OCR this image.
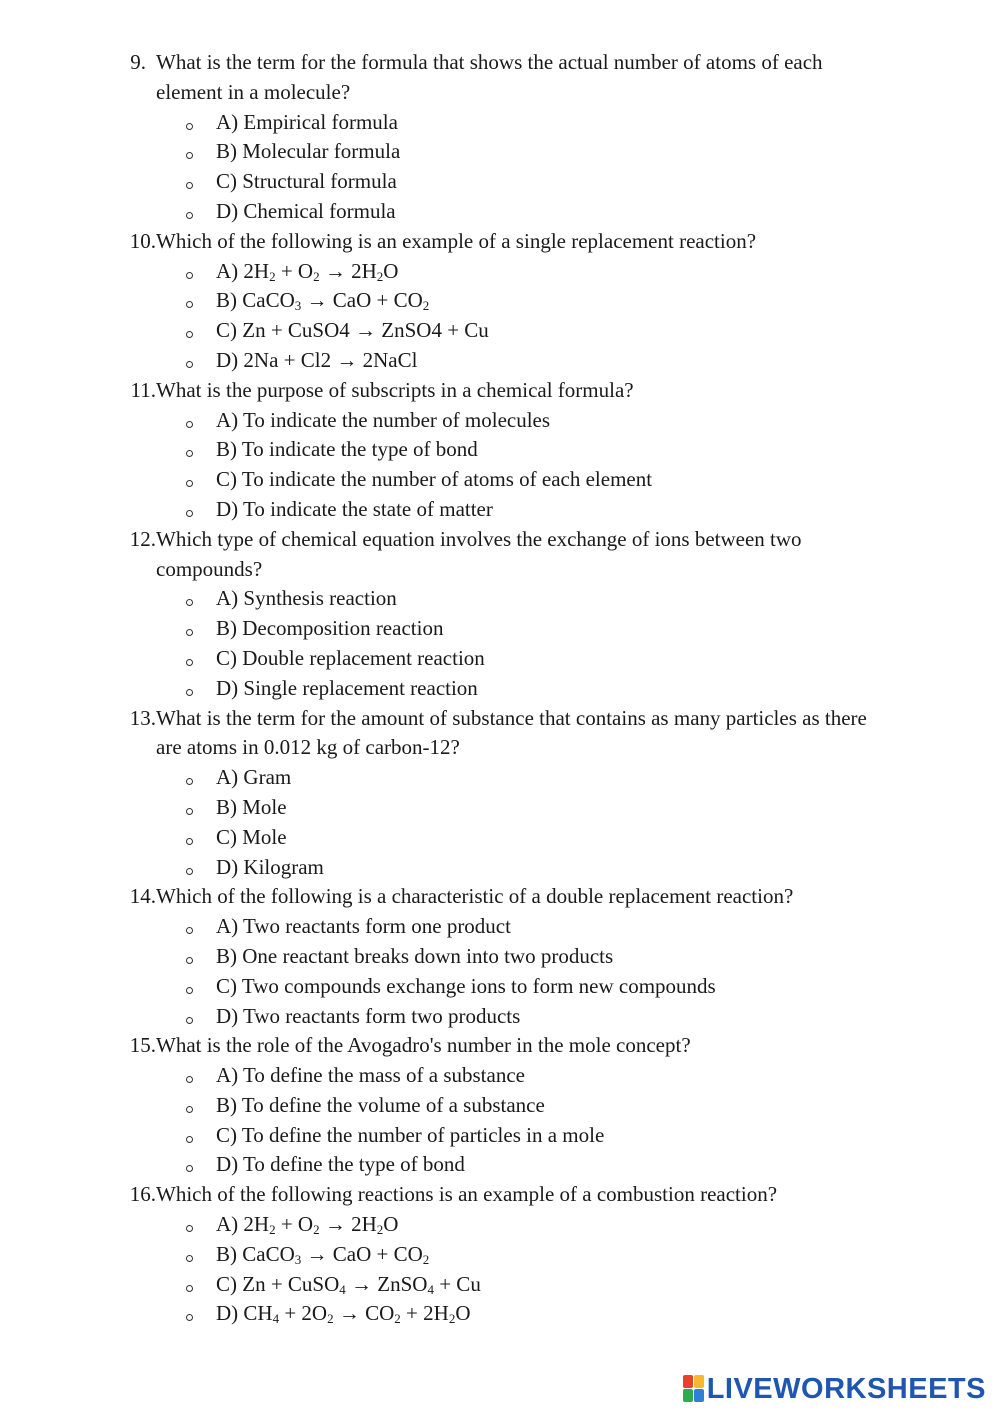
9. What is the term for the formula that shows the actual number of atoms of each
element in a molecule?
A) Empirical formula
B) Molecular formula
C) Structural formula
D) Chemical formula
10. Which of the following is an example of a single replacement reaction?
A) $2H_2 + O_2 \to 2H_2O$
B) CaCO$_3$ → CaO + $CO_2$
C) Zn + CuSO4 → ZnSO4 + Cu
D) 2Na + Cl2 → 2NaCl
11. What is the purpose of subscripts in a chemical formula?
A) To indicate the number of molecules
B) To indicate the type of bond
C) To indicate the number of atoms of each element
D) To indicate the state of matter
12. Which type of chemical equation involves the exchange of ions between two
compounds?
A) Synthesis reaction
B) Decomposition reaction
C) Double replacement reaction
D) Single replacement reaction
13. What is the term for the amount of substance that contains as many particles as there
are atoms in 0.012 kg of carbon-12?
A) Gram
B) Mole
C) Mole
D) Kilogram
14. Which of the following is a characteristic of a double replacement reaction?
A) Two reactants form one product
B) One reactant breaks down into two products
C) Two compounds exchange ions to form new compounds
D) Two reactants form two products
15. What is the role of the Avogadro's number in the mole concept?
A) To define the mass of a substance
B) To define the volume of a substance
C) To define the number of particles in a mole
D) To define the type of bond
16. Which of the following reactions is an example of a combustion reaction?
A) $2H_2 + O_2 \to 2H_2O$
B) CaCO$_3$ → CaO + $CO_2$
C) Zn + CuSO$_4$ → ZnSO$_4$ + Cu
D) $CH_4 + 2O_2 \to CO_2 + 2H_2O$
LIVEWORKSHEETS
